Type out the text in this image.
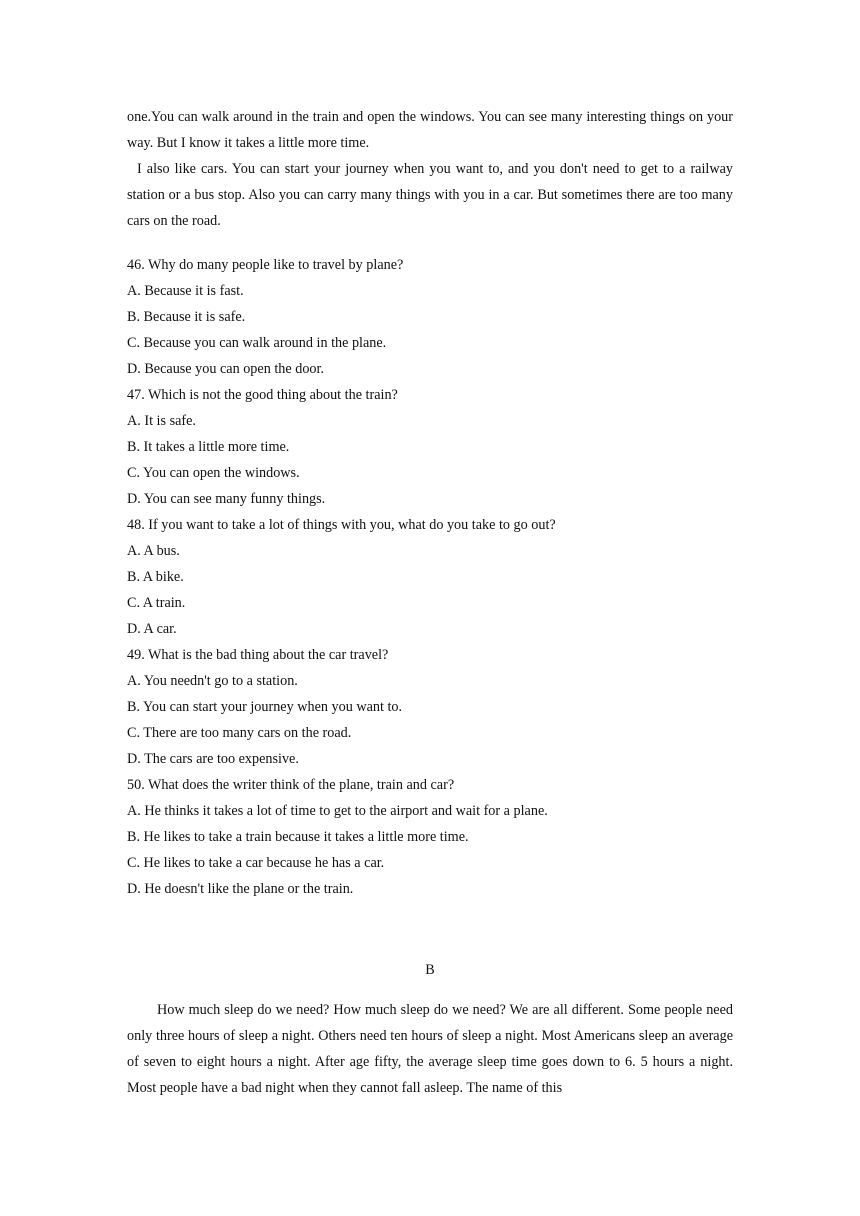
one.You can walk around in the train and open the windows. You can see many interesting things on your way. But I know it takes a little more time.

I also like cars. You can start your journey when you want to, and you don't need to get to a railway station or a bus stop. Also you can carry many things with you in a car. But sometimes there are too many cars on the road.

46. Why do many people like to travel by plane?

A. Because it is fast.

B. Because it is safe.

C. Because you can walk around in the plane.

D. Because you can open the door.

47. Which is not the good thing about the train?

A. It is safe.

B. It takes a little more time.

C. You can open the windows.

D. You can see many funny things.

48. If you want to take a lot of things with you, what do you take to go out?

A. A bus.

B. A bike.

C. A train.

D. A car.

49. What is the bad thing about the car travel?

A. You needn't go to a station.

B. You can start your journey when you want to.

C. There are too many cars on the road.

D. The cars are too expensive.

50. What does the writer think of the plane, train and car?

A. He thinks it takes a lot of time to get to the airport and wait for a plane.

B. He likes to take a train because it takes a little more time.

C. He likes to take a car because he has a car.

D. He doesn't like the plane or the train.

B

How much sleep do we need? How much sleep do we need? We are all different. Some people need only three hours of sleep a night. Others need ten hours of sleep a night. Most Americans sleep an average of seven to eight hours a night. After age fifty, the average sleep time goes down to 6. 5 hours a night. Most people have a bad night when they cannot fall asleep. The name of this
